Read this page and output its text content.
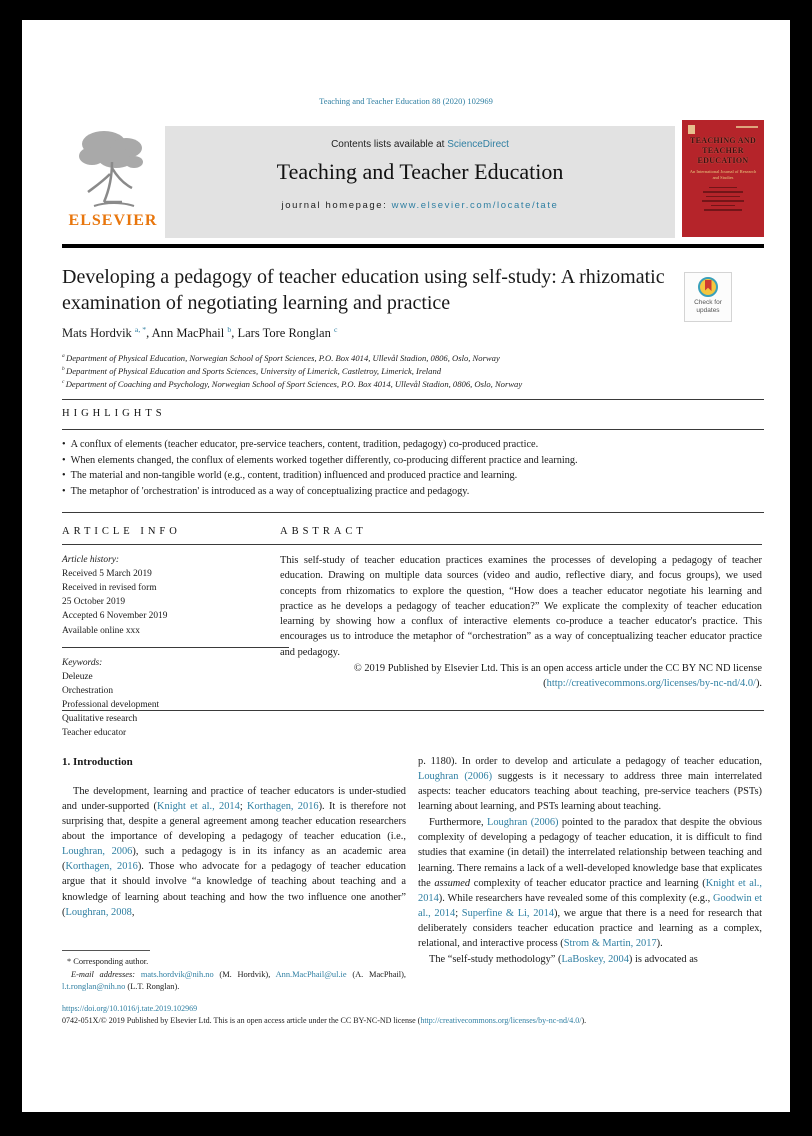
Teaching and Teacher Education 88 (2020) 102969
ELSEVIER
Contents lists available at ScienceDirect
Teaching and Teacher Education
journal homepage: www.elsevier.com/locate/tate
TEACHING AND TEACHER EDUCATION
An International Journal of Research and Studies
Developing a pedagogy of teacher education using self-study: A rhizomatic examination of negotiating learning and practice	Check for updates
Mats Hordvik $^{a, *}$, Ann MacPhail $^b$, Lars Tore Ronglan $^c$
$^a$ Department of Physical Education, Norwegian School of Sport Sciences, P.O. Box 4014, Ullevål Stadion, 0806, Oslo, Norway
$^b$ Department of Physical Education and Sports Sciences, University of Limerick, Castletroy, Limerick, Ireland
$^c$ Department of Coaching and Psychology, Norwegian School of Sport Sciences, P.O. Box 4014, Ullevål Stadion, 0806, Oslo, Norway
HIGHLIGHTS
• A conflux of elements (teacher educator, pre-service teachers, content, tradition, pedagogy) co-produced practice.
• When elements changed, the conflux of elements worked together differently, co-producing different practice and learning.
• The material and non-tangible world (e.g., content, tradition) influenced and produced practice and learning.
• The metaphor of 'orchestration' is introduced as a way of conceptualizing practice and pedagogy.
ARTICLE INFO
Article history:
Received 5 March 2019
Received in revised form
25 October 2019
Accepted 6 November 2019
Available online xxx
Keywords:
Deleuze
Orchestration
Professional development
Qualitative research
Teacher educator
ABSTRACT

This self-study of teacher education practices examines the processes of developing a pedagogy of teacher education. Drawing on multiple data sources (video and audio, reflective diary, and focus groups), we used concepts from rhizomatics to explore the question, “How does a teacher educator negotiate his learning and practice as he develops a pedagogy of teacher education?” We explicate the complexity of teacher education learning by showing how a conflux of interactive elements co-produce a teacher educator's practice. This encourages us to introduce the metaphor of “orchestration” as a way of conceptualizing teacher educator practice and pedagogy.

© 2019 Published by Elsevier Ltd. This is an open access article under the CC BY NC ND license (http://creativecommons.org/licenses/by-nc-nd/4.0/).
1. Introduction

The development, learning and practice of teacher educators is under-studied and under-supported (Knight et al., 2014; Korthagen, 2016). It is therefore not surprising that, despite a general agreement among teacher education researchers about the importance of developing a pedagogy of teacher education (i.e., Loughran, 2006), such a pedagogy is in its infancy as an academic area (Korthagen, 2016). Those who advocate for a pedagogy of teacher education argue that it should involve “a knowledge of teaching about teaching and a knowledge of learning about teaching and how the two influence one another” (Loughran, 2008,

p. 1180). In order to develop and articulate a pedagogy of teacher education, Loughran (2006) suggests is it necessary to address three main interrelated aspects: teacher educators teaching about teaching, pre-service teachers (PSTs) learning about learning, and PSTs learning about teaching.

Furthermore, Loughran (2006) pointed to the paradox that despite the obvious complexity of developing a pedagogy of teacher education, it is difficult to find studies that examine (in detail) the interrelated relationship between teaching and learning. There remains a lack of a well-developed knowledge base that explicates the assumed complexity of teacher educator practice and learning (Knight et al., 2014). While researchers have revealed some of this complexity (e.g., Goodwin et al., 2014; Superfine & Li, 2014), we argue that there is a need for research that deliberately considers teacher education practice and learning as a complex, relational, and interactive process (Strom & Martin, 2017).

The “self-study methodology” (LaBoskey, 2004) is advocated as

* Corresponding author.
E-mail addresses: mats.hordvik@nih.no (M. Hordvik), Ann.MacPhail@ul.ie (A. MacPhail), l.t.ronglan@nih.no (L.T. Ronglan).
https://doi.org/10.1016/j.tate.2019.102969
0742-051X/© 2019 Published by Elsevier Ltd. This is an open access article under the CC BY-NC-ND license (http://creativecommons.org/licenses/by-nc-nd/4.0/).
